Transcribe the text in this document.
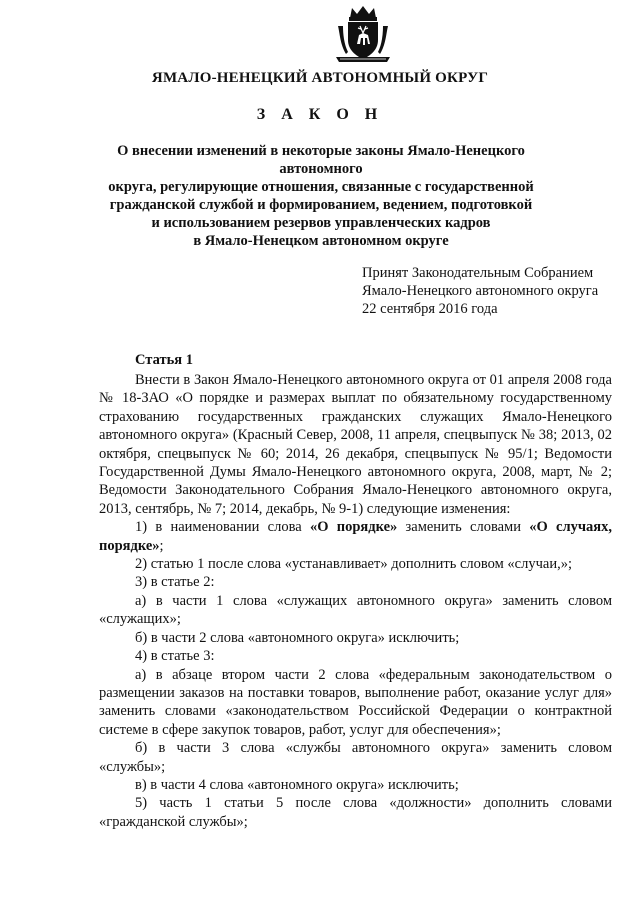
ЯМАЛО-НЕНЕЦКИЙ АВТОНОМНЫЙ ОКРУГ
З А К О Н
О внесении изменений в некоторые законы Ямало-Ненецкого автономного
округа, регулирующие отношения, связанные с государственной
гражданской службой и формированием, ведением, подготовкой
и использованием резервов управленческих кадров
в Ямало-Ненецком автономном округе
Принят Законодательным Собранием
Ямало-Ненецкого автономного округа
22 сентября 2016 года
Статья 1

Внести в Закон Ямало-Ненецкого автономного округа от 01 апреля 2008 года № 18-ЗАО «О порядке и размерах выплат по обязательному государственному страхованию государственных гражданских служащих Ямало-Ненецкого автономного округа» (Красный Север, 2008, 11 апреля, спецвыпуск № 38; 2013, 02 октября, спецвыпуск № 60; 2014, 26 декабря, спецвыпуск № 95/1; Ведомости Государственной Думы Ямало-Ненецкого автономного округа, 2008, март, № 2; Ведомости Законодательного Собрания Ямало-Ненецкого автономного округа, 2013, сентябрь, № 7; 2014, декабрь, № 9-1) следующие изменения:

1) в наименовании слова «О порядке» заменить словами «О случаях, порядке»;

2) статью 1 после слова «устанавливает» дополнить словом «случаи,»;

3) в статье 2:

а) в части 1 слова «служащих автономного округа» заменить словом «служащих»;

б) в части 2 слова «автономного округа» исключить;

4) в статье 3:

а) в абзаце втором части 2 слова «федеральным законодательством о размещении заказов на поставки товаров, выполнение работ, оказание услуг для» заменить словами «законодательством Российской Федерации о контрактной системе в сфере закупок товаров, работ, услуг для обеспечения»;

б) в части 3 слова «службы автономного округа» заменить словом «службы»;

в) в части 4 слова «автономного округа» исключить;

5) часть 1 статьи 5 после слова «должности» дополнить словами «гражданской службы»;
